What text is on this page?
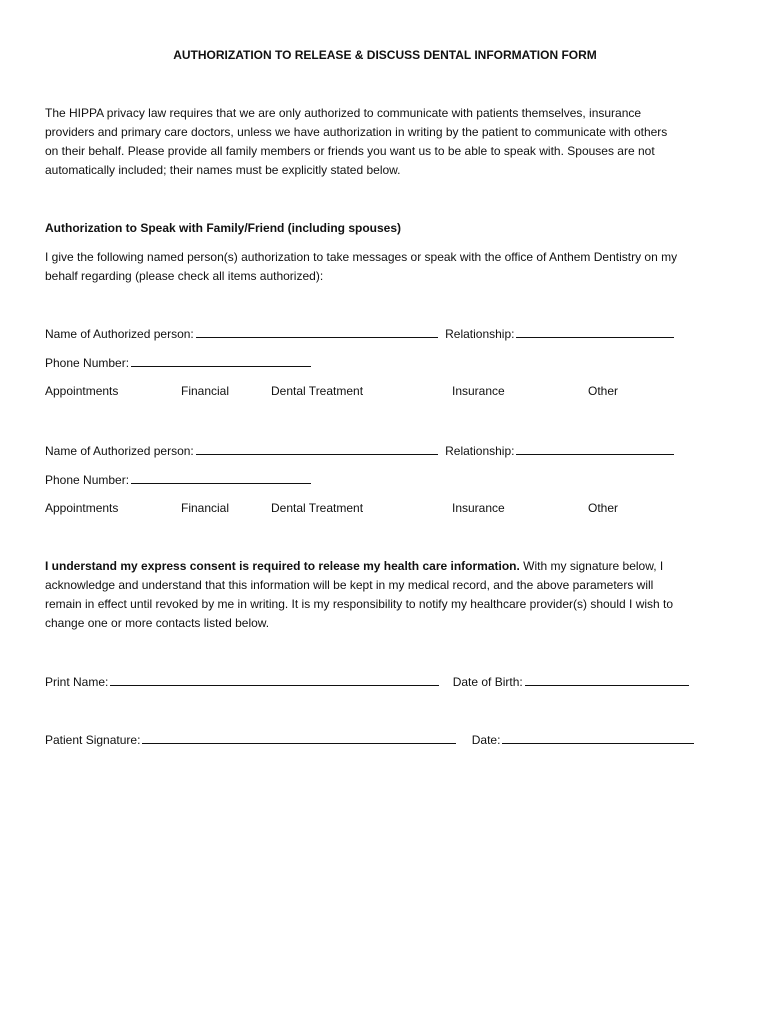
AUTHORIZATION TO RELEASE & DISCUSS DENTAL INFORMATION FORM

The HIPPA privacy law requires that we are only authorized to communicate with patients themselves, insurance

providers and primary care doctors, unless we have authorization in writing by the patient to communicate with others

on their behalf. Please provide all family members or friends you want us to be able to speak with. Spouses are not

automatically included; their names must be explicitly stated below.

Authorization to Speak with Family/Friend (including spouses)

I give the following named person(s) authorization to take messages or speak with the office of Anthem Dentistry on my

behalf regarding (please check all items authorized):

Name of Authorized person:	Relationship:
Phone Number:
Appointments	Financial	Dental Treatment	Insurance	Other
Name of Authorized person:	Relationship:
Phone Number:
Appointments	Financial	Dental Treatment	Insurance	Other

I understand my express consent is required to release my health care information. With my signature below, I

acknowledge and understand that this information will be kept in my medical record, and the above parameters will

remain in effect until revoked by me in writing. It is my responsibility to notify my healthcare provider(s) should I wish to

change one or more contacts listed below.

Print Name:	Date of Birth:
Patient Signature:	Date:
